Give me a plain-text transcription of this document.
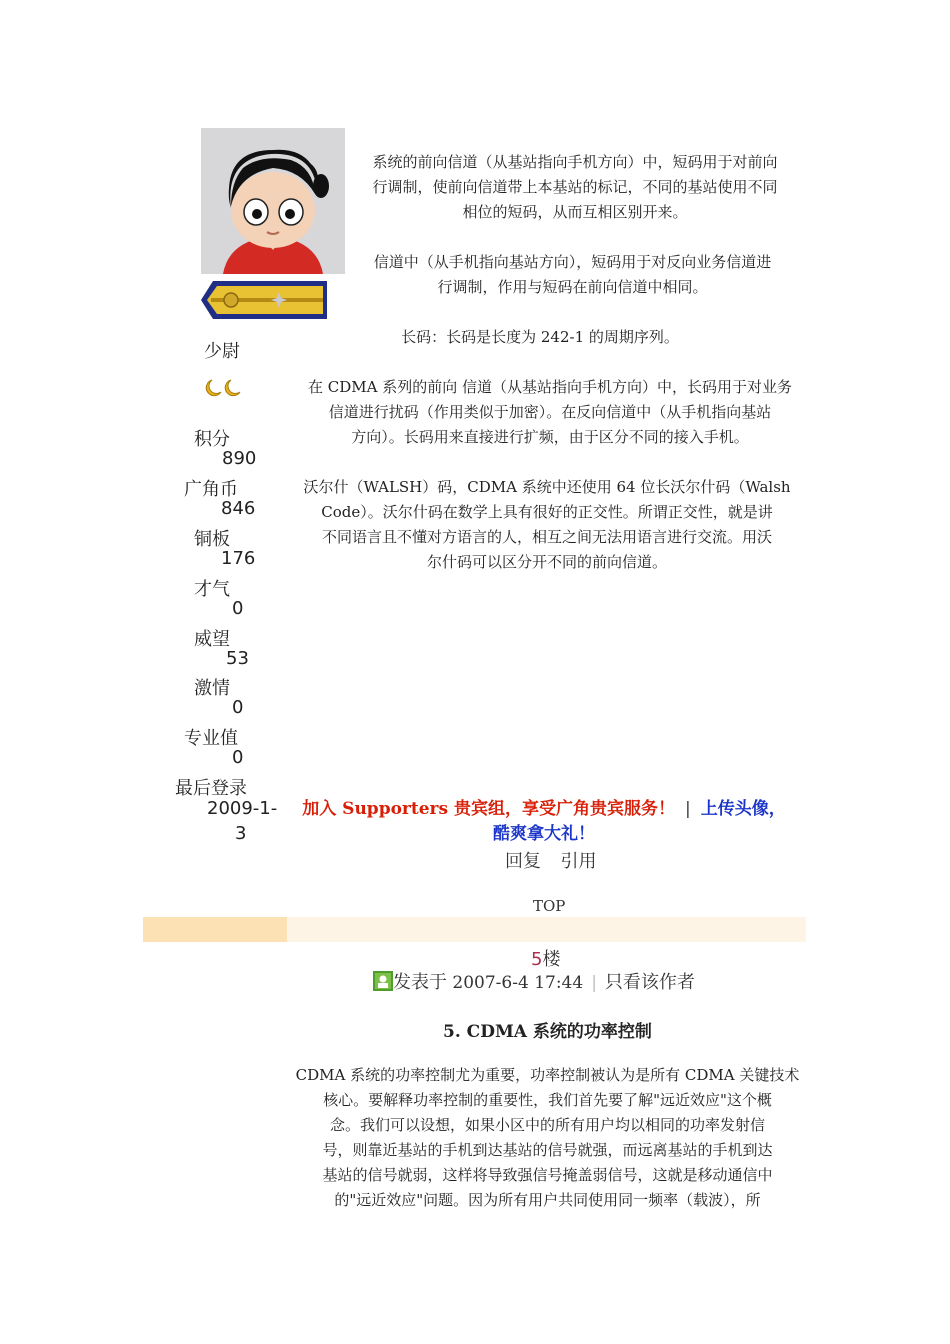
少尉
积分
890
广角币
846
铜板
176
才气
0
威望
53
激情
0
专业值
0
最后登录
2009-1-
3
系统的前向信道（从基站指向手机方向）中，短码用于对前向
行调制，使前向信道带上本基站的标记，不同的基站使用不同
相位的短码，从而互相区别开来。
信道中（从手机指向基站方向），短码用于对反向业务信道进
行调制，作用与短码在前向信道中相同。
长码：长码是长度为 242-1 的周期序列。
在 CDMA 系列的前向 信道（从基站指向手机方向）中，长码用于对业务
信道进行扰码（作用类似于加密）。在反向信道中（从手机指向基站
方向）。长码用来直接进行扩频，由于区分不同的接入手机。
沃尔什（WALSH）码，CDMA 系统中还使用 64 位长沃尔什码（Walsh
Code）。沃尔什码在数学上具有很好的正交性。所谓正交性，就是讲
不同语言且不懂对方语言的人，相互之间无法用语言进行交流。用沃
尔什码可以区分开不同的前向信道。
加入 Supporters 贵宾组，享受广角贵宾服务！ | 上传头像，
酷爽拿大礼！
回复 引用
TOP
5楼
发表于 2007-6-4 17:44 | 只看该作者
5. CDMA 系统的功率控制
CDMA 系统的功率控制尤为重要，功率控制被认为是所有 CDMA 关键技术
核心。要解释功率控制的重要性，我们首先要了解"远近效应"这个概
念。我们可以设想，如果小区中的所有用户均以相同的功率发射信
号，则靠近基站的手机到达基站的信号就强，而远离基站的手机到达
基站的信号就弱，这样将导致强信号掩盖弱信号，这就是移动通信中
的"远近效应"问题。因为所有用户共同使用同一频率（载波），所
